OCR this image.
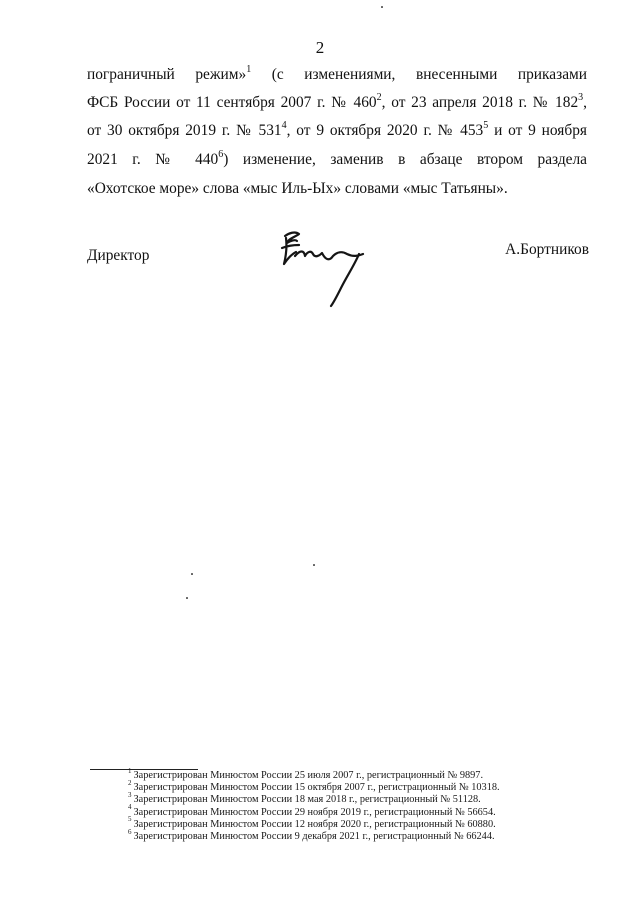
2
пограничный режим»$^1$ (с изменениями, внесенными приказами
ФСБ России от 11 сентября 2007 г. № $460^2$, от 23 апреля 2018 г. № $182^3$,
от 30 октября 2019 г. № $531^4$, от 9 октября 2020 г. № $453^5$ и от 9 ноября
2021 г. № $440^6$) изменение, заменив в абзаце втором раздела
«Охотское море» слова «мыс Иль-Ых» словами «мыс Татьяны».
Директор	А.Бортников
$^1$ Зарегистрирован Минюстом России 25 июля 2007 г., регистрационный № 9897.
$^2$ Зарегистрирован Минюстом России 15 октября 2007 г., регистрационный № 10318.
$^3$ Зарегистрирован Минюстом России 18 мая 2018 г., регистрационный № 51128.
$^4$ Зарегистрирован Минюстом России 29 ноября 2019 г., регистрационный № 56654.
$^5$ Зарегистрирован Минюстом России 12 ноября 2020 г., регистрационный № 60880.
$^6$ Зарегистрирован Минюстом России 9 декабря 2021 г., регистрационный № 66244.
